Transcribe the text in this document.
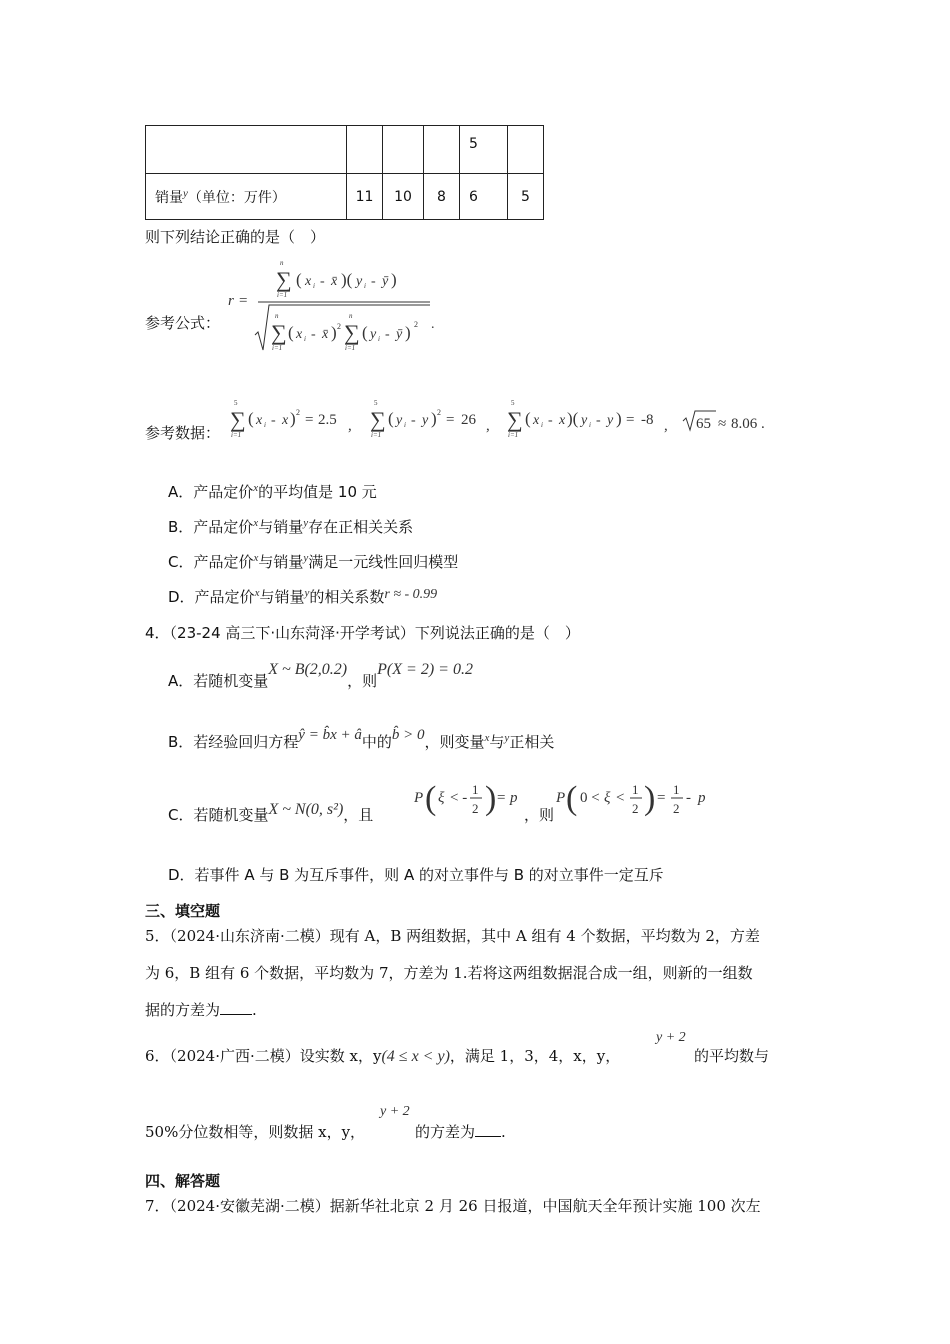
				5	
销量$^y$（单位：万件）	11	10	8	6	5
则下列结论正确的是（　）
参考公式：
r =
n
∑
i=1
( x i - x̄ )( y i - ȳ )
n
∑
i=1
( x i - x̄ ) 2
n
∑
i=1
( y i - ȳ ) 2 .
参考数据：
5
∑
i=1
( x i - x ) 2 = 2.5 ,
5
∑
i=1
( y i - y ) 2 = 26 ,
5
∑
i=1
( x i - x )( y i - y ) = -8 , 65 ≈ 8.06 .
A．产品定价$^x$的平均值是 10 元
B．产品定价$^x$与销量$^y$存在正相关关系
C．产品定价$^x$与销量$^y$满足一元线性回归模型
D．产品定价$^x$与销量$^y$的相关系数r ≈ - 0.99
4．（23-24 高三下·山东菏泽·开学考试）下列说法正确的是（　）
A．若随机变量X ~ B(2,0.2)，则P(X = 2) = 0.2
B．若经验回归方程ŷ = b̂x + â中的b̂ > 0，则变量$^x$与$^y$正相关
C．若随机变量X ~ N(0, s²)，且
P ( ξ < -
1
2 ) = p
，则
P ( 0 < ξ <
1
2 ) =
1
2
- p
D．若事件 A 与 B 为互斥事件，则 A 的对立事件与 B 的对立事件一定互斥
三、填空题
5．（2024·山东济南·二模）现有 A，B 两组数据，其中 A 组有 4 个数据，平均数为 2，方差
为 6，B 组有 6 个数据，平均数为 7，方差为 1.若将这两组数据混合成一组，则新的一组数
据的方差为 .
6．（2024·广西·二模）设实数 x，y(4 ≤ x < y)，满足 1，3，4，x，y，
y + 2
的平均数与
y + 2
50%分位数相等，则数据 x，y，	的方差为 .
四、解答题
7．（2024·安徽芜湖·二模）据新华社北京 2 月 26 日报道，中国航天全年预计实施 100 次左
